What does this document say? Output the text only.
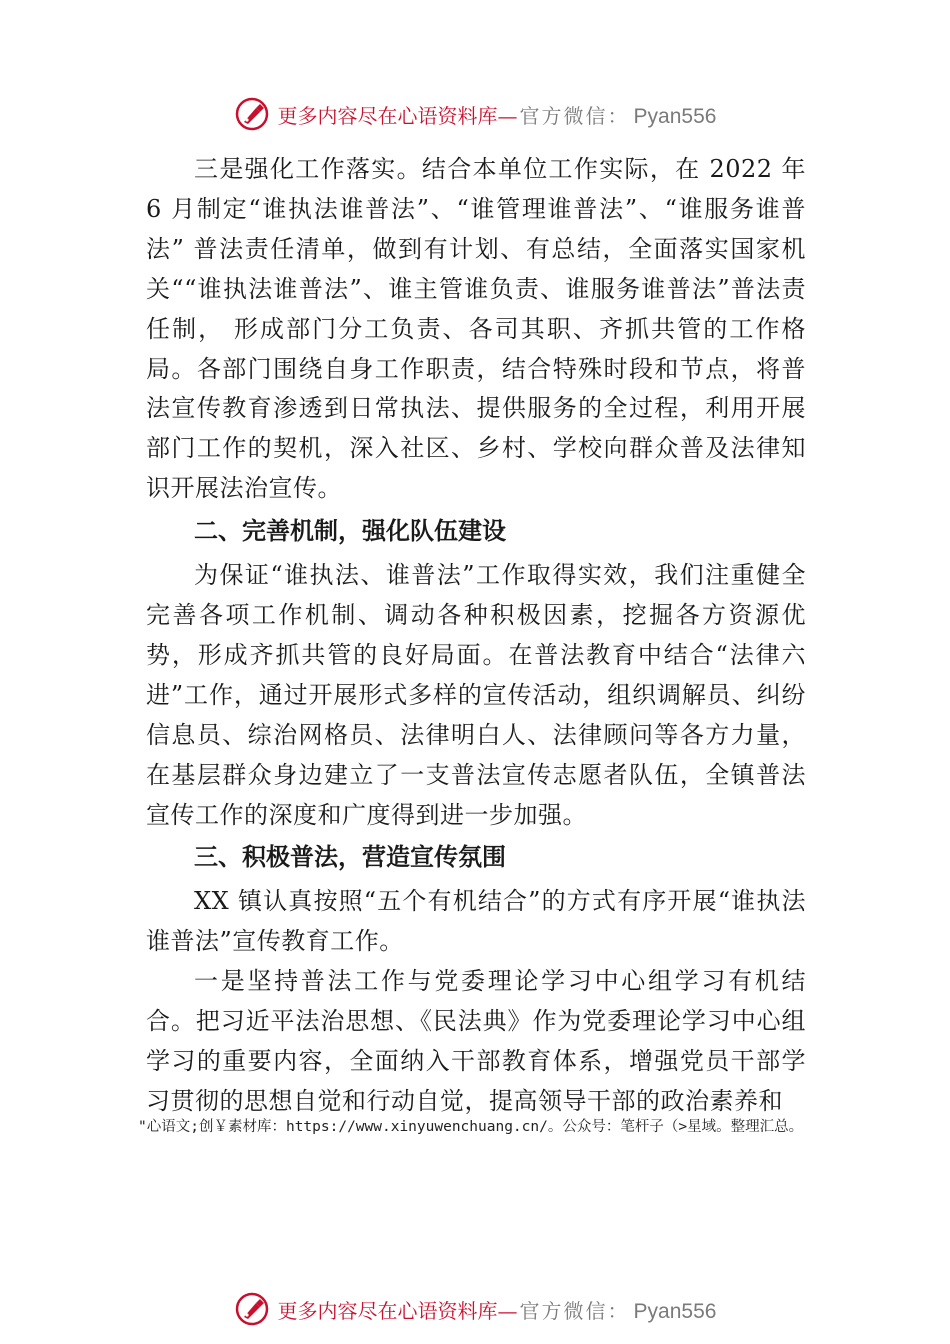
更多内容尽在心语资料库 — 官方微信： Pyan556

三是强化工作落实。结合本单位工作实际，在 2022 年 6 月制定“谁执法谁普法”、“谁管理谁普法”、“谁服务谁普法” 普法责任清单，做到有计划、有总结，全面落实国家机关““谁执法谁普法”、谁主管谁负责、谁服务谁普法”普法责任制， 形成部门分工负责、各司其职、齐抓共管的工作格局。各部门围绕自身工作职责，结合特殊时段和节点，将普法宣传教育渗透到日常执法、提供服务的全过程，利用开展部门工作的契机，深入社区、乡村、学校向群众普及法律知识开展法治宣传。

二、完善机制，强化队伍建设

为保证“谁执法、谁普法”工作取得实效，我们注重健全完善各项工作机制、调动各种积极因素，挖掘各方资源优势，形成齐抓共管的良好局面。在普法教育中结合“法律六进”工作，通过开展形式多样的宣传活动，组织调解员、纠纷信息员、综治网格员、法律明白人、法律顾问等各方力量，在基层群众身边建立了一支普法宣传志愿者队伍，全镇普法宣传工作的深度和广度得到进一步加强。

三、积极普法，营造宣传氛围

XX 镇认真按照“五个有机结合”的方式有序开展“谁执法谁普法”宣传教育工作。

一是坚持普法工作与党委理论学习中心组学习有机结合。把习近平法治思想、《民法典》作为党委理论学习中心组学习的重要内容，全面纳入干部教育体系，增强党员干部学习贯彻的思想自觉和行动自觉，提高领导干部的政治素养和

"心语文;创￥素材库：https://www.xinyuwenchuang.cn/。公众号：笔杆子（>星域。整理汇总。
更多内容尽在心语资料库 — 官方微信： Pyan556
